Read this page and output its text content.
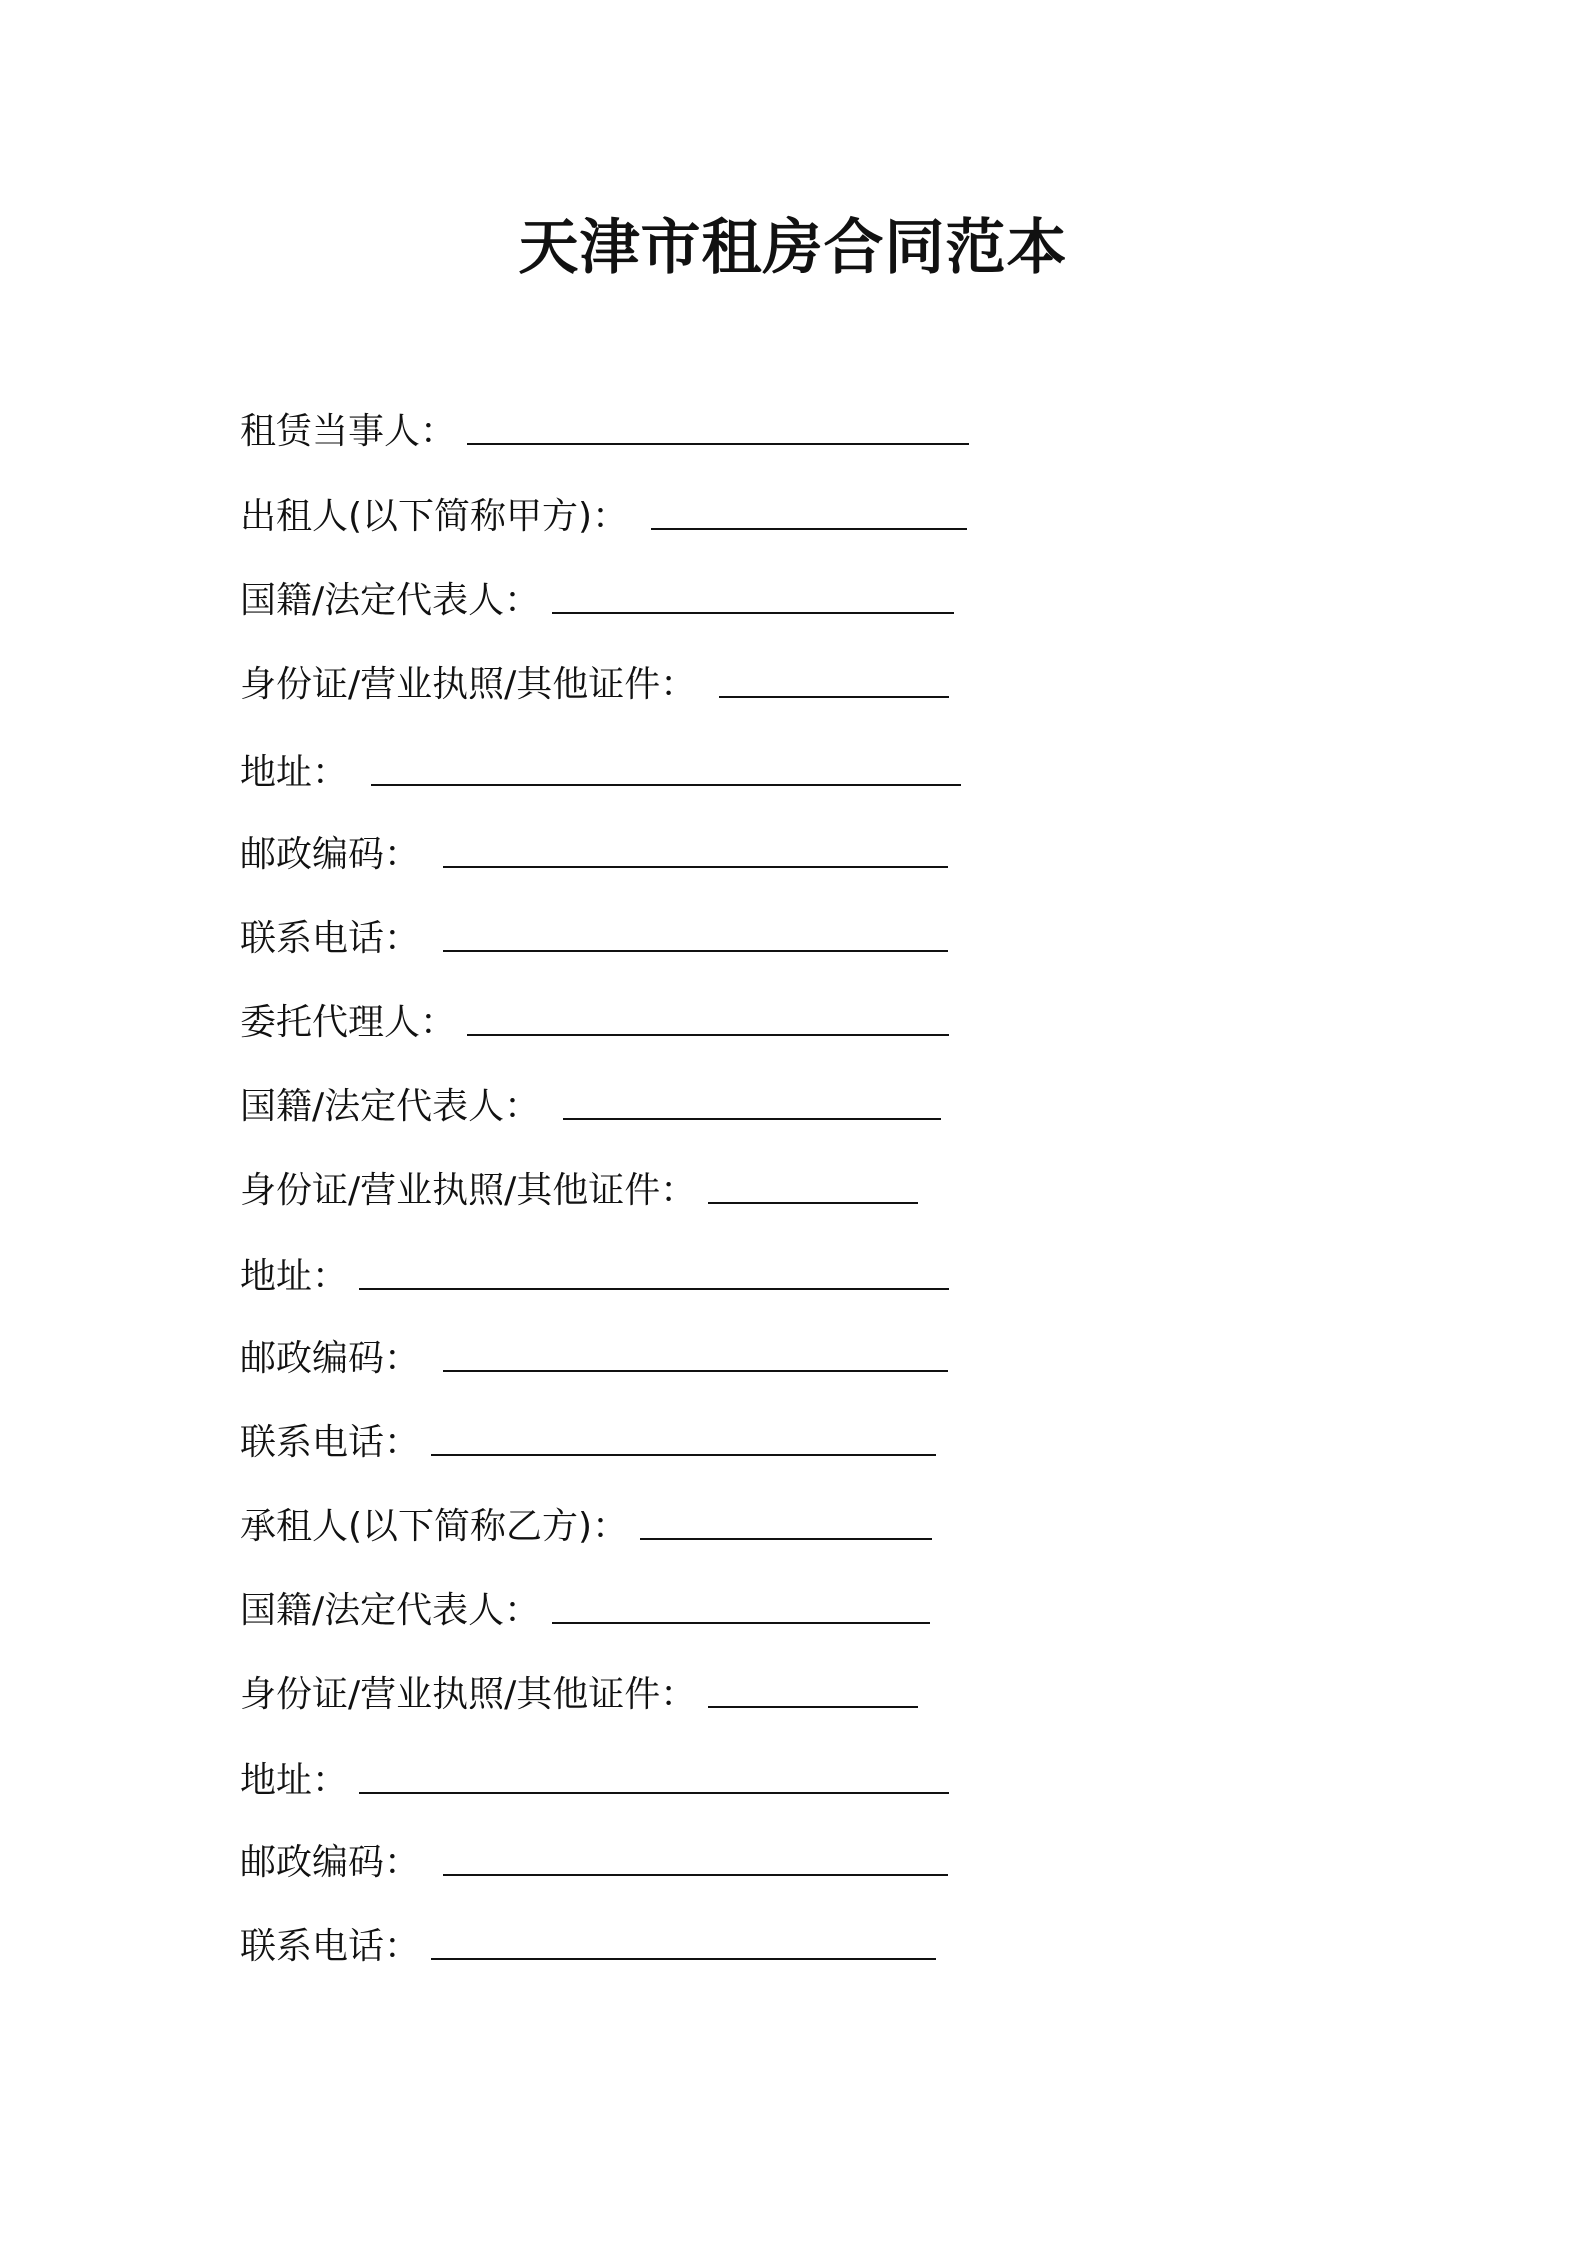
天津市租房合同范本
租赁当事人：
出租人(以下简称甲方)：
国籍/法定代表人：
身份证/营业执照/其他证件：
地址：
邮政编码：
联系电话：
委托代理人：
国籍/法定代表人：
身份证/营业执照/其他证件：
地址：
邮政编码：
联系电话：
承租人(以下简称乙方)：
国籍/法定代表人：
身份证/营业执照/其他证件：
地址：
邮政编码：
联系电话：
